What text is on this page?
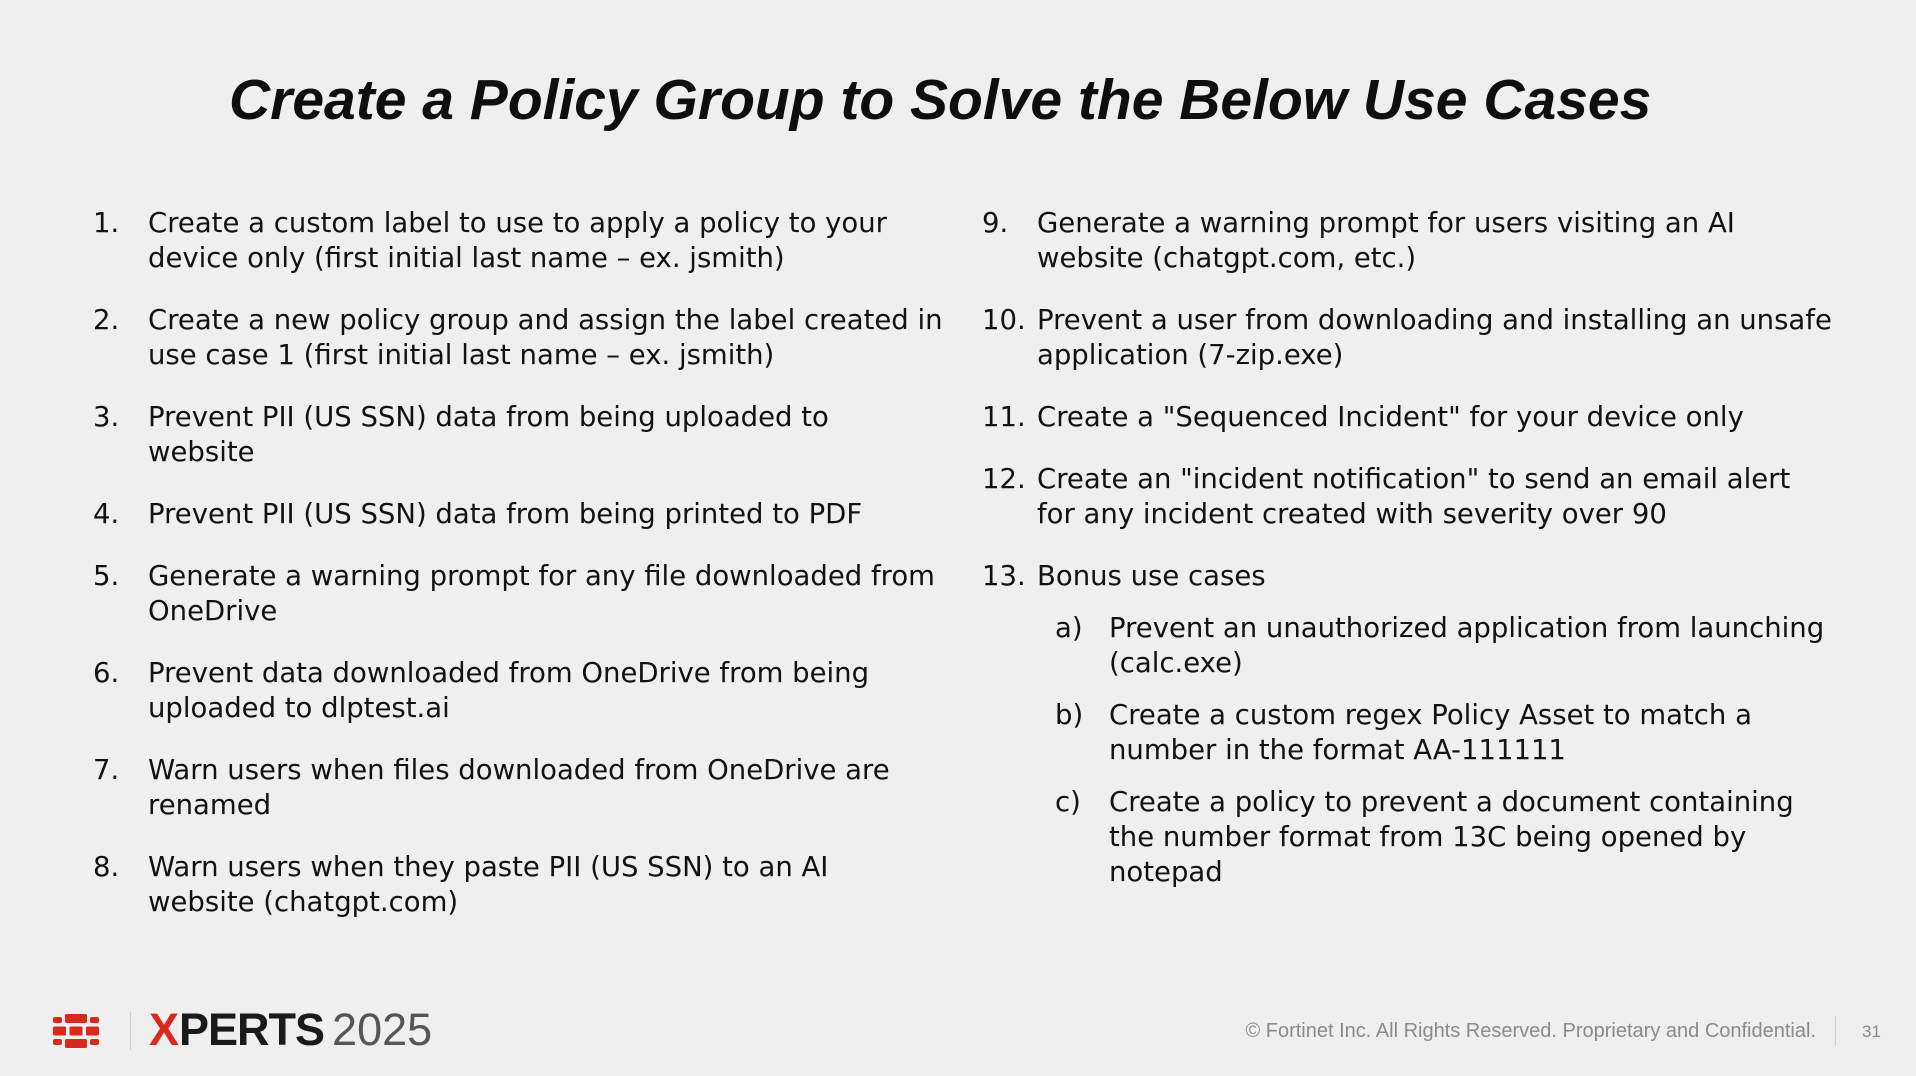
Create a Policy Group to Solve the Below Use Cases
1. Create a custom label to use to apply a policy to your device only (first initial last name – ex. jsmith)
2. Create a new policy group and assign the label created in use case 1 (first initial last name – ex. jsmith)
3. Prevent PII (US SSN) data from being uploaded to website
4. Prevent PII (US SSN) data from being printed to PDF
5. Generate a warning prompt for any file downloaded from OneDrive
6. Prevent data downloaded from OneDrive from being uploaded to dlptest.ai
7. Warn users when files downloaded from OneDrive are renamed
8. Warn users when they paste PII (US SSN) to an AI website (chatgpt.com)
9. Generate a warning prompt for users visiting an AI website (chatgpt.com, etc.)
10. Prevent a user from downloading and installing an unsafe application (7-zip.exe)
11. Create a "Sequenced Incident" for your device only
12. Create an "incident notification" to send an email alert for any incident created with severity over 90
13. Bonus use cases
a) Prevent an unauthorized application from launching (calc.exe)
b) Create a custom regex Policy Asset to match a number in the format AA-111111
c) Create a policy to prevent a document containing the number format from 13C being opened by notepad
XPERTS 2025	© Fortinet Inc. All Rights Reserved. Proprietary and Confidential.	31
